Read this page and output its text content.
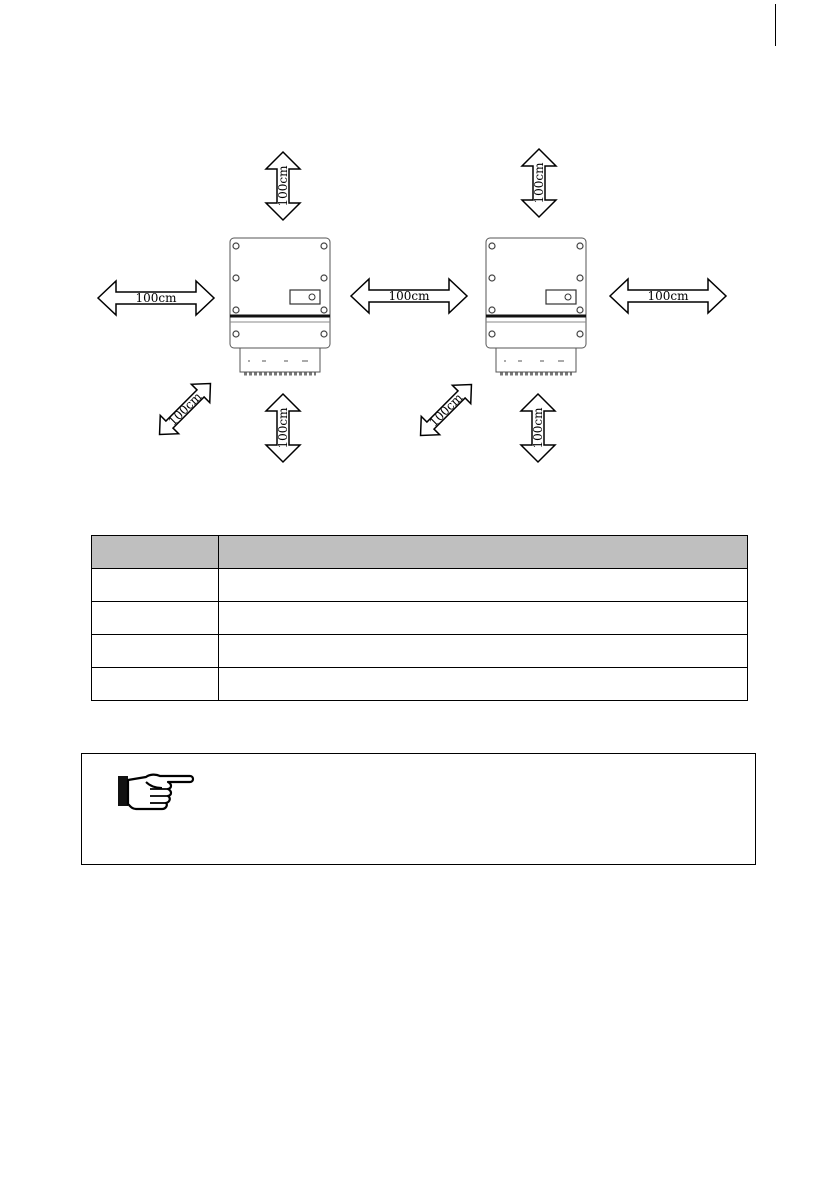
100cm
100cm	100cm
100cm
100cm
100cm
100cm
100cm
100cm
